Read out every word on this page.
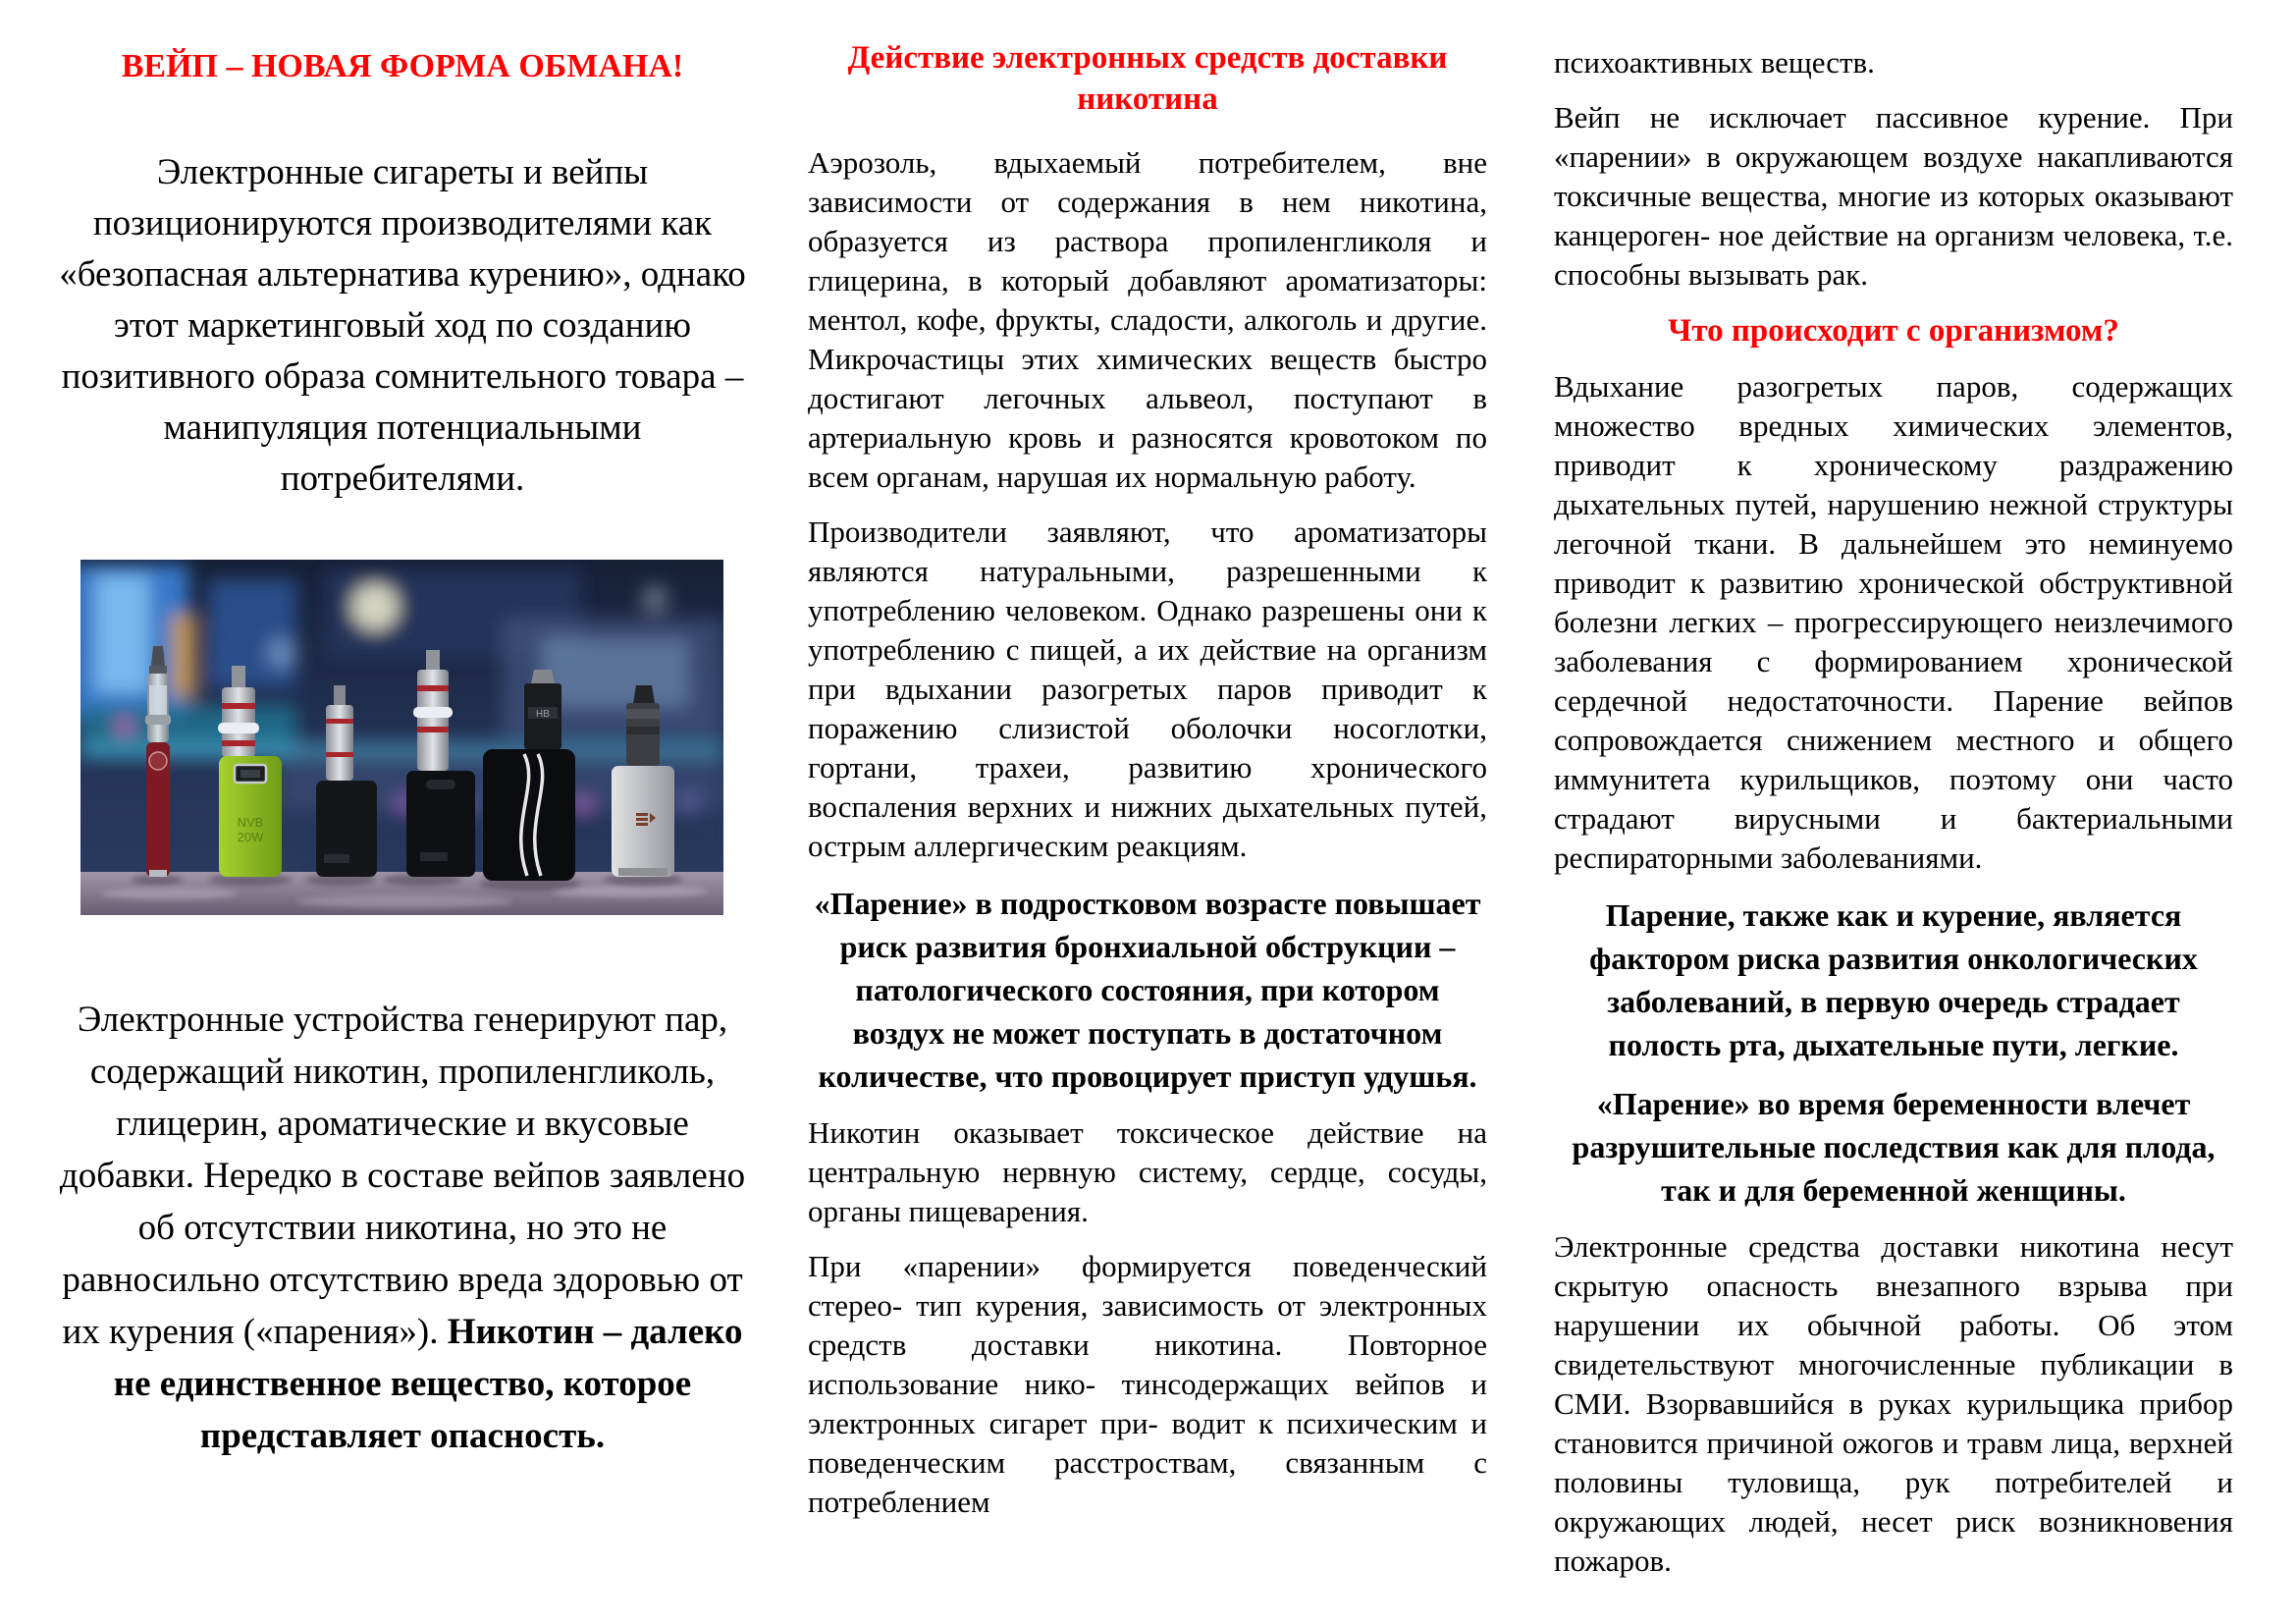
ВЕЙП – НОВАЯ ФОРМА ОБМАНА!

Электронные сигареты и вейпы позиционируются производителями как «безопасная альтернатива курению», однако этот маркетинговый ход по созданию позитивного образа сомнительного товара – манипуляция потенциальными потребителями.

NVB
20W
HB

Электронные устройства генерируют пар, содержащий никотин, пропиленгликоль, глицерин, ароматические и вкусовые добавки. Нередко в составе вейпов заявлено об отсутствии никотина, но это не равносильно отсутствию вреда здоровью от их курения («парения»). Никотин – далеко не единственное вещество, которое представляет опасность.

Действие электронных средств доставки никотина

Аэрозоль, вдыхаемый потребителем, вне зависимости от содержания в нем никотина, образуется из раствора пропиленгликоля и глицерина, в который добавляют ароматизаторы: ментол, кофе, фрукты, сладости, алкоголь и другие. Микрочастицы этих химических веществ быстро достигают легочных альвеол, поступают в артериальную кровь и разносятся кровотоком по всем органам, нарушая их нормальную работу.

Производители заявляют, что ароматизаторы являются натуральными, разрешенными к употреблению человеком. Однако разрешены они к употреблению с пищей, а их действие на организм при вдыхании разогретых паров приводит к поражению слизистой оболочки носоглотки, гортани, трахеи, развитию хронического воспаления верхних и нижних дыхательных путей, острым аллергическим реакциям.

«Парение» в подростковом возрасте повышает риск развития бронхиальной обструкции – патологического состояния, при котором воздух не может поступать в достаточном количестве, что провоцирует приступ удушья.

Никотин оказывает токсическое действие на центральную нервную систему, сердце, сосуды, органы пищеварения.

При «парении» формируется поведенческий стерео- тип курения, зависимость от электронных средств доставки никотина. Повторное использование нико- тинсодержащих вейпов и электронных сигарет при- водит к психическим и поведенческим расстроствам, связанным с потреблением

психоактивных веществ.

Вейп не исключает пассивное курение. При «парении» в окружающем воздухе накапливаются токсичные вещества, многие из которых оказывают канцероген- ное действие на организм человека, т.е. способны вызывать рак.

Что происходит с организмом?

Вдыхание разогретых паров, содержащих множество вредных химических элементов, приводит к хроническому раздражению дыхательных путей, нарушению нежной структуры легочной ткани. В дальнейшем это неминуемо приводит к развитию хронической обструктивной болезни легких – прогрессирующего неизлечимого заболевания с формированием хронической сердечной недостаточности. Парение вейпов сопровождается снижением местного и общего иммунитета курильщиков, поэтому они часто страдают вирусными и бактериальными респираторными заболеваниями.

Парение, также как и курение, является фактором риска развития онкологических заболеваний, в первую очередь страдает полость рта, дыхательные пути, легкие.

«Парение» во время беременности влечет разрушительные последствия как для плода, так и для беременной женщины.

Электронные средства доставки никотина несут скрытую опасность внезапного взрыва при нарушении их обычной работы. Об этом свидетельствуют многочисленные публикации в СМИ. Взорвавшийся в руках курильщика прибор становится причиной ожогов и травм лица, верхней половины туловища, рук потребителей и окружающих людей, несет риск возникновения пожаров.
